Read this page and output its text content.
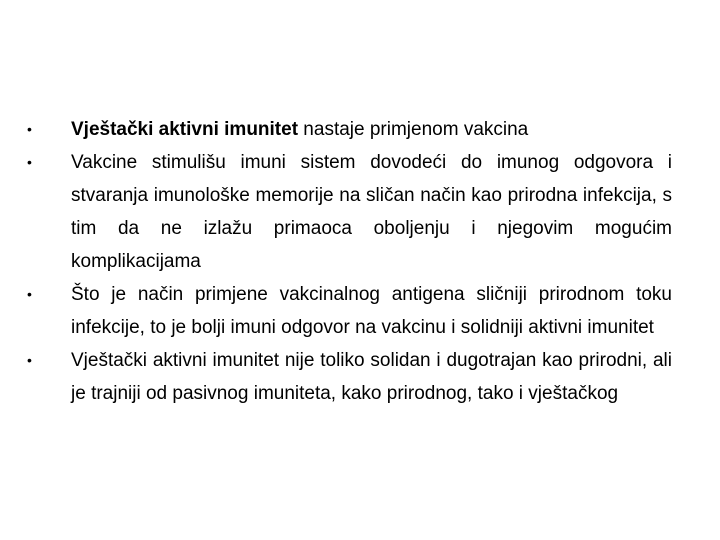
•	Vještački aktivni imunitet nastaje primjenom vakcina
•	Vakcine stimulišu imuni sistem dovodeći do imunog odgovora i stvaranja imunološke memorije na sličan način kao prirodna infekcija, s tim da ne izlažu primaoca oboljenju i njegovim mogućim komplikacijama
•	Što je način primjene vakcinalnog antigena sličniji prirodnom toku infekcije, to je bolji imuni odgovor na vakcinu i solidniji aktivni imunitet
•	Vještački aktivni imunitet nije toliko solidan i dugotrajan kao prirodni, ali je trajniji od pasivnog imuniteta, kako prirodnog, tako i vještačkog
